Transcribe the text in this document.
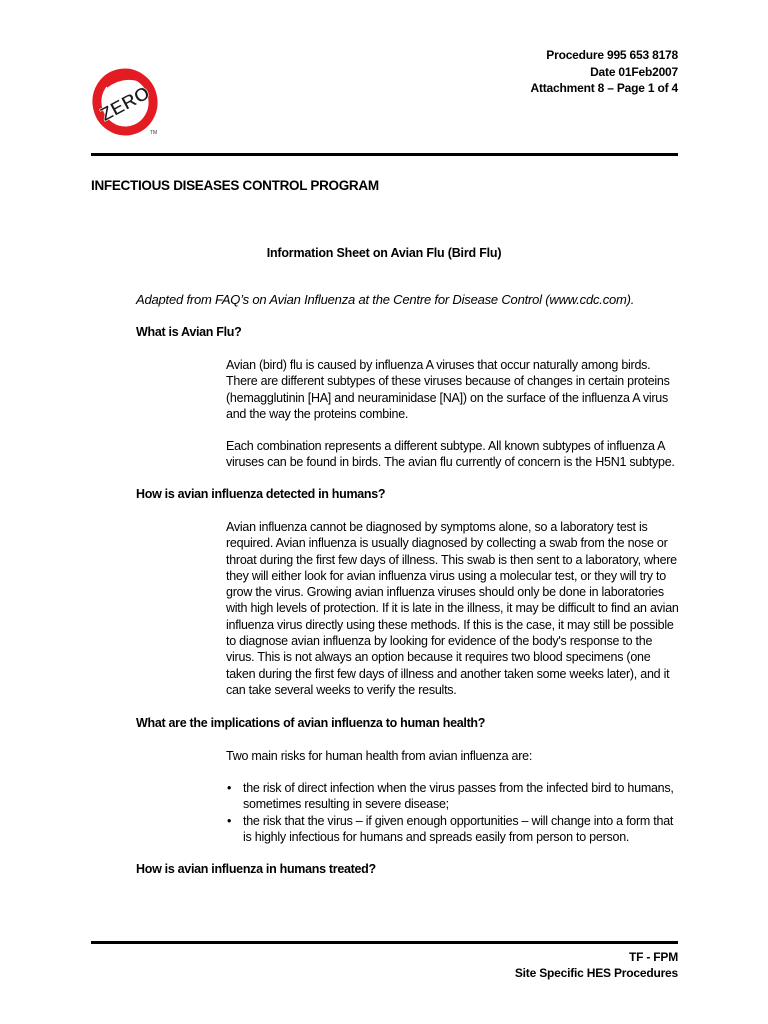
Procedure 995 653 8178
Date 01Feb2007
Attachment 8 – Page 1 of 4
ZERO
TM
INFECTIOUS DISEASES CONTROL PROGRAM
Information Sheet on Avian Flu (Bird Flu)
Adapted from FAQ’s on Avian Influenza at the Centre for Disease Control (www.cdc.com).
What is Avian Flu?

Avian (bird) flu is caused by influenza A viruses that occur naturally among birds. There are different subtypes of these viruses because of changes in certain proteins (hemagglutinin [HA] and neuraminidase [NA]) on the surface of the influenza A virus and the way the proteins combine.

Each combination represents a different subtype. All known subtypes of influenza A viruses can be found in birds. The avian flu currently of concern is the H5N1 subtype.

How is avian influenza detected in humans?

Avian influenza cannot be diagnosed by symptoms alone, so a laboratory test is required. Avian influenza is usually diagnosed by collecting a swab from the nose or throat during the first few days of illness. This swab is then sent to a laboratory, where they will either look for avian influenza virus using a molecular test, or they will try to grow the virus. Growing avian influenza viruses should only be done in laboratories with high levels of protection. If it is late in the illness, it may be difficult to find an avian influenza virus directly using these methods. If this is the case, it may still be possible to diagnose avian influenza by looking for evidence of the body's response to the virus. This is not always an option because it requires two blood specimens (one taken during the first few days of illness and another taken some weeks later), and it can take several weeks to verify the results.

What are the implications of avian influenza to human health?

Two main risks for human health from avian influenza are:

• the risk of direct infection when the virus passes from the infected bird to humans, sometimes resulting in severe disease;
• the risk that the virus – if given enough opportunities – will change into a form that is highly infectious for humans and spreads easily from person to person.
How is avian influenza in humans treated?
TF - FPM
Site Specific HES Procedures
